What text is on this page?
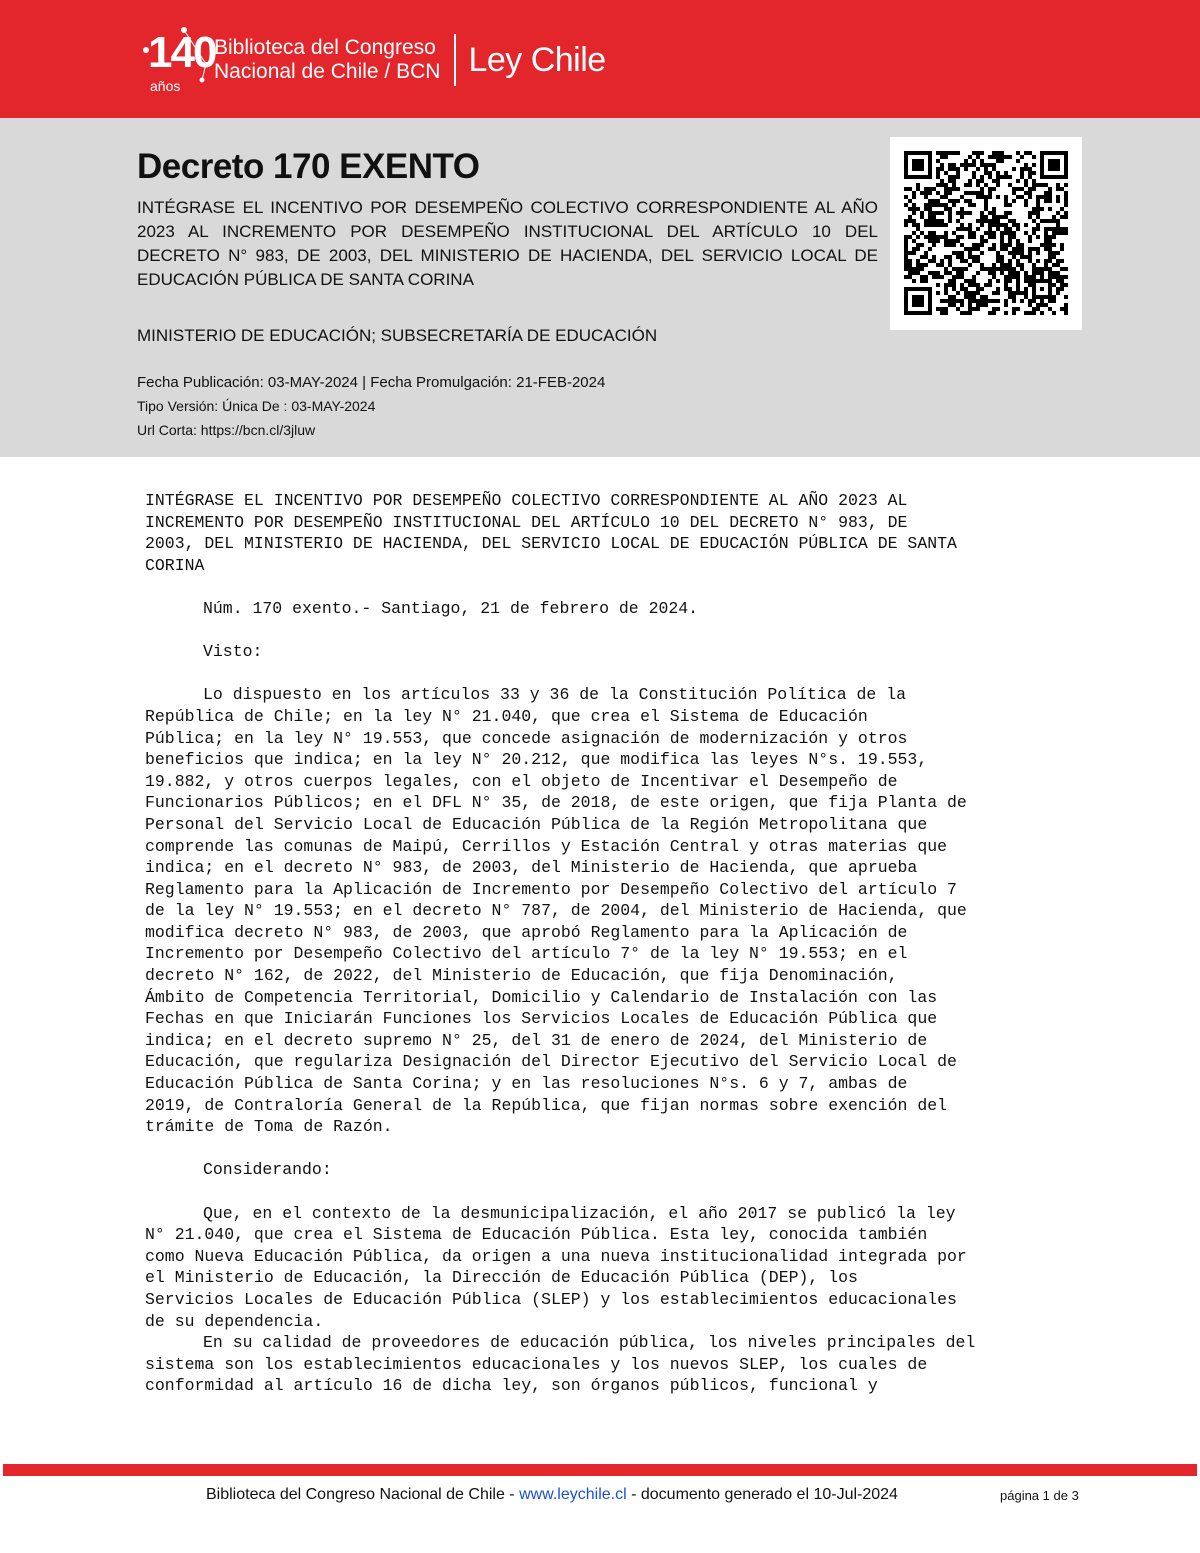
140
años
Biblioteca del Congreso
Nacional de Chile / BCN Ley Chile
Decreto 170 EXENTO
INTÉGRASE EL INCENTIVO POR DESEMPEÑO COLECTIVO CORRESPONDIENTE AL AÑO 2023 AL INCREMENTO POR DESEMPEÑO INSTITUCIONAL DEL ARTÍCULO 10 DEL DECRETO N° 983, DE 2003, DEL MINISTERIO DE HACIENDA, DEL SERVICIO LOCAL DE EDUCACIÓN PÚBLICA DE SANTA CORINA
MINISTERIO DE EDUCACIÓN; SUBSECRETARÍA DE EDUCACIÓN
Fecha Publicación: 03-MAY-2024 | Fecha Promulgación: 21-FEB-2024
Tipo Versión: Única De : 03-MAY-2024
Url Corta: https://bcn.cl/3jluw

INTÉGRASE EL INCENTIVO POR DESEMPEÑO COLECTIVO CORRESPONDIENTE AL AÑO 2023 AL
INCREMENTO POR DESEMPEÑO INSTITUCIONAL DEL ARTÍCULO 10 DEL DECRETO N° 983, DE
2003, DEL MINISTERIO DE HACIENDA, DEL SERVICIO LOCAL DE EDUCACIÓN PÚBLICA DE SANTA
CORINA

Núm. 170 exento.- Santiago, 21 de febrero de 2024.

Visto:

Lo dispuesto en los artículos 33 y 36 de la Constitución Política de la
República de Chile; en la ley N° 21.040, que crea el Sistema de Educación
Pública; en la ley N° 19.553, que concede asignación de modernización y otros
beneficios que indica; en la ley N° 20.212, que modifica las leyes N°s. 19.553,
19.882, y otros cuerpos legales, con el objeto de Incentivar el Desempeño de
Funcionarios Públicos; en el DFL N° 35, de 2018, de este origen, que fija Planta de
Personal del Servicio Local de Educación Pública de la Región Metropolitana que
comprende las comunas de Maipú, Cerrillos y Estación Central y otras materias que
indica; en el decreto N° 983, de 2003, del Ministerio de Hacienda, que aprueba
Reglamento para la Aplicación de Incremento por Desempeño Colectivo del artículo 7
de la ley N° 19.553; en el decreto N° 787, de 2004, del Ministerio de Hacienda, que
modifica decreto N° 983, de 2003, que aprobó Reglamento para la Aplicación de
Incremento por Desempeño Colectivo del artículo 7° de la ley N° 19.553; en el
decreto N° 162, de 2022, del Ministerio de Educación, que fija Denominación,
Ámbito de Competencia Territorial, Domicilio y Calendario de Instalación con las
Fechas en que Iniciarán Funciones los Servicios Locales de Educación Pública que
indica; en el decreto supremo N° 25, del 31 de enero de 2024, del Ministerio de
Educación, que regulariza Designación del Director Ejecutivo del Servicio Local de
Educación Pública de Santa Corina; y en las resoluciones N°s. 6 y 7, ambas de
2019, de Contraloría General de la República, que fijan normas sobre exención del
trámite de Toma de Razón.

Considerando:

Que, en el contexto de la desmunicipalización, el año 2017 se publicó la ley
N° 21.040, que crea el Sistema de Educación Pública. Esta ley, conocida también
como Nueva Educación Pública, da origen a una nueva institucionalidad integrada por
el Ministerio de Educación, la Dirección de Educación Pública (DEP), los
Servicios Locales de Educación Pública (SLEP) y los establecimientos educacionales
de su dependencia.

En su calidad de proveedores de educación pública, los niveles principales del
sistema son los establecimientos educacionales y los nuevos SLEP, los cuales de
conformidad al artículo 16 de dicha ley, son órganos públicos, funcional y

Biblioteca del Congreso Nacional de Chile - www.leychile.cl - documento generado el 10-Jul-2024	página 1 de 3
